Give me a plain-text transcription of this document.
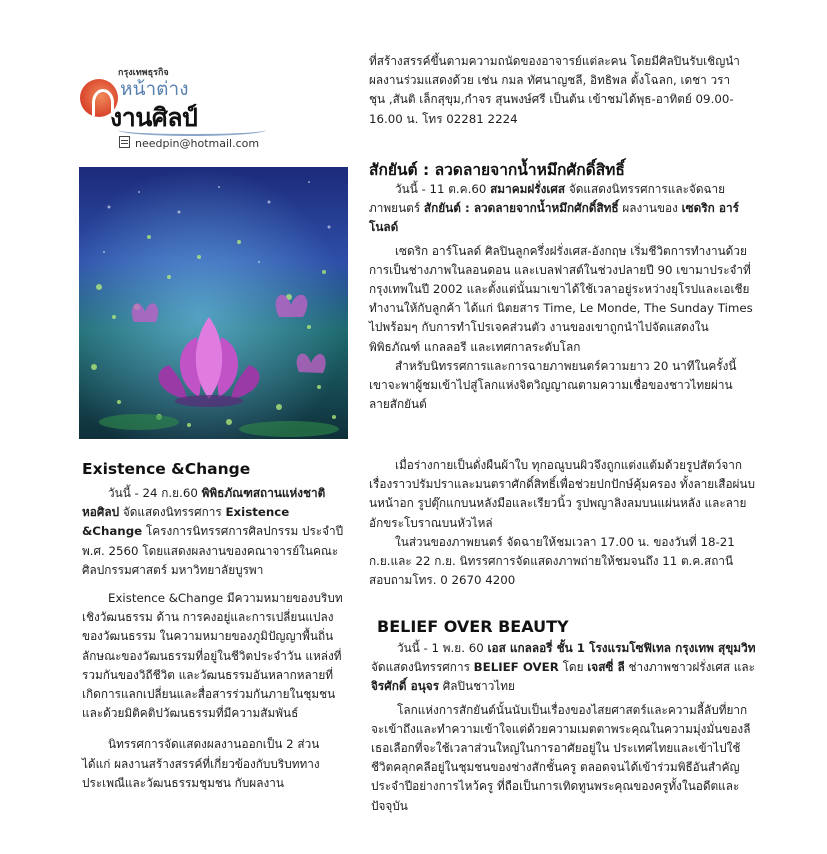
กรุงเทพธุรกิจ
หน้าต่าง
งานศิลป์
needpin@hotmail.com
Existence &Change

วันนี้ - 24 ก.ย.60 พิพิธภัณฑสถานแห่งชาติ หอศิลป จัดแสดงนิทรรศการ Existence &Change โครงการนิทรรศการศิลปกรรม ประจำปี พ.ศ. 2560 โดยแสดงผลงานของคณาจารย์ในคณะศิลปกรรมศาสตร์ มหาวิทยาลัยบูรพา

Existence &Change มีความหมายของบริบทเชิงวัฒนธรรม ด้าน การคงอยู่และการเปลี่ยนแปลงของวัฒนธรรม ในความหมายของภูมิปัญญาพื้นถิ่น ลักษณะของวัฒนธรรมที่อยู่ในชีวิตประจำวัน แหล่งที่รวมกันของวิถีชีวิต และวัฒนธรรมอันหลากหลายที่เกิดการแลกเปลี่ยนและสื่อสารร่วมกันภายในชุมชน และด้วยมิติคติปวัฒนธรรมที่มีความสัมพันธ์

นิทรรศการจัดแสดงผลงานออกเป็น 2 ส่วน ได้แก่ ผลงานสร้างสรรค์ที่เกี่ยวข้องกับบริบททางประเพณีและวัฒนธรรมชุมชน กับผลงาน

ที่สร้างสรรค์ขึ้นตามความถนัดของอาจารย์แต่ละคน โดยมีศิลปินรับเชิญนำผลงานร่วมแสดงด้วย เช่น กมล ทัศนาญชลี, อิทธิพล ตั้งโฉลก, เดชา วราชุน ,สันติ เล็กสุขุม,กำจร สุนพงษ์ศรี เป็นต้น เข้าชมได้พุธ-อาทิตย์ 09.00-16.00 น. โทร 02281 2224

สักยันต์ : ลวดลายจากน้ำหมึกศักดิ์สิทธิ์

วันนี้ - 11 ต.ค.60 สมาคมฝรั่งเศส จัดแสดงนิทรรศการและจัดฉายภาพยนตร์ สักยันต์ : ลวดลายจากน้ำหมึกศักดิ์สิทธิ์ ผลงานของ เซดริก อาร์โนลด์

เซดริก อาร์โนลด์ ศิลปินลูกครึ่งฝรั่งเศส-อังกฤษ เริ่มชีวิตการทำงานด้วยการเป็นช่างภาพในลอนดอน และเบลฟาสต์ในช่วงปลายปี 90 เขามาประจำที่กรุงเทพในปี 2002 และตั้งแต่นั้นมาเขาได้ใช้เวลาอยู่ระหว่างยุโรปและเอเชีย ทำงานให้กับลูกค้า ได้แก่ นิตยสาร Time, Le Monde, The Sunday Times ไปพร้อมๆ กับการทำโปรเจคส่วนตัว งานของเขาถูกนำไปจัดแสดงในพิพิธภัณฑ์ แกลลอรี และเทศกาลระดับโลก

สำหรับนิทรรศการและการฉายภาพยนตร์ความยาว 20 นาทีในครั้งนี้ เขาจะพาผู้ชมเข้าไปสู่โลกแห่งจิตวิญญาณตามความเชื่อของชาวไทยผ่านลายสักยันต์

เมื่อร่างกายเป็นดั่งผืนผ้าใบ ทุกอณูบนผิวจึงถูกแต่งแต้มด้วยรูปสัตว์จากเรื่องราวปรัมปราและมนตราศักดิ์สิทธิ์เพื่อช่วยปกปักษ์คุ้มครอง ทั้งลายเสือผ่นบนหน้าอก รูปตุ๊กแกบนหลังมือและเรียวนิ้ว รูปพญาลิงลมบนแผ่นหลัง และลายอักขระโบราณบนหัวไหล่

ในส่วนของภาพยนตร์ จัดฉายให้ชมเวลา 17.00 น. ของวันที่ 18-21 ก.ย.และ 22 ก.ย. นิทรรศการจัดแสดงภาพถ่ายให้ชมจนถึง 11 ต.ค.สถานีสอบถามโทร. 0 2670 4200

BELIEF OVER BEAUTY

วันนี้ - 1 พ.ย. 60 เอส แกลลอรี่ ชั้น 1 โรงแรมโซฟิเทล กรุงเทพ สุขุมวิท จัดแสดงนิทรรศการ BELIEF OVER โดย เจสซี่ ลี ช่างภาพชาวฝรั่งเศส และ จิรศักดิ์ อนุจร ศิลปินชาวไทย

โลกแห่งการสักยันต์นั้นนับเป็นเรื่องของไสยศาสตร์และความลี้ลับที่ยากจะเข้าถึงและทำความเข้าใจแต่ด้วยความเมตตาพระคุณในความมุ่งมั่นของลี เธอเลือกที่จะใช้เวลาส่วนใหญ่ในการอาศัยอยู่ใน ประเทศไทยและเข้าไปใช้ชีวิตคลุกคลีอยู่ในชุมชนของช่างสักชั้นครู ตลอดจนได้เข้าร่วมพิธีอันสำคัญ ประจำปีอย่างการไหว้ครู ที่ถือเป็นการเทิดทูนพระคุณของครูทั้งในอดีตและปัจจุบัน
